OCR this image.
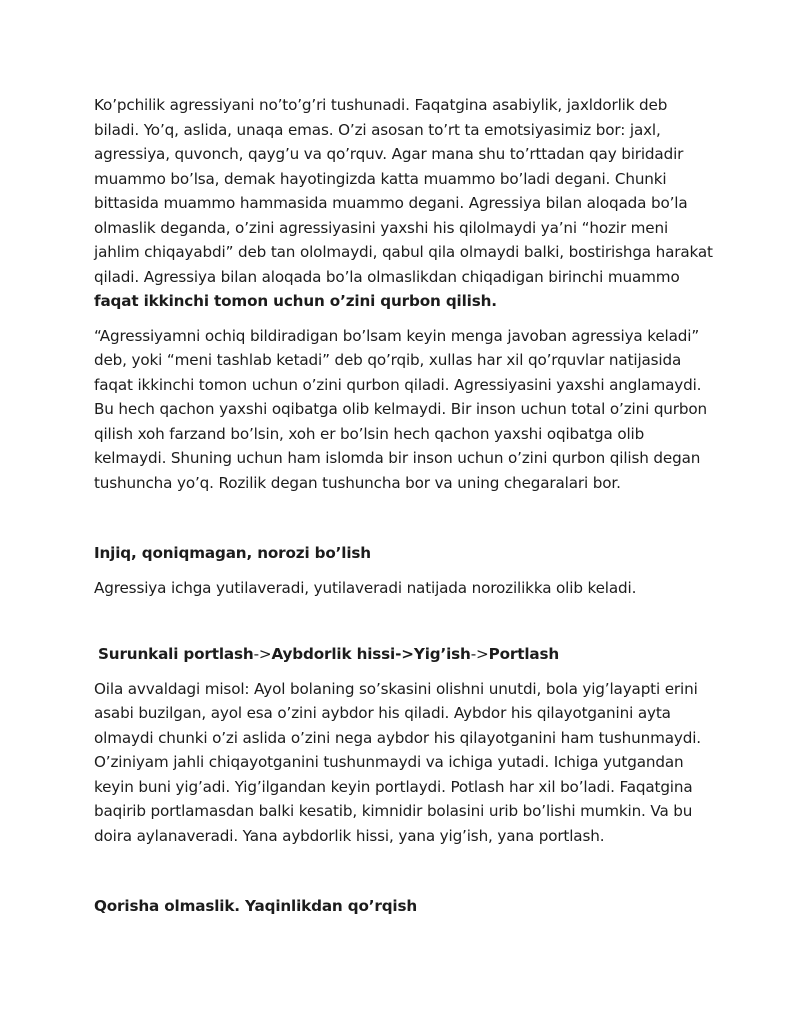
Ko’pchilik agressiyani no’to’g’ri tushunadi. Faqatgina asabiylik, jaxldorlik deb biladi. Yo’q, aslida, unaqa emas. O’zi asosan to’rt ta emotsiyasimiz bor: jaxl, agressiya, quvonch, qayg’u va qo’rquv. Agar mana shu to’rttadan qay biridadir muammo bo’lsa, demak hayotingizda katta muammo bo’ladi degani. Chunki bittasida muammo hammasida muammo degani. Agressiya bilan aloqada bo’la olmaslik deganda, o’zini agressiyasini yaxshi his qilolmaydi ya’ni “hozir meni jahlim chiqayabdi” deb tan ololmaydi, qabul qila olmaydi balki, bostirishga harakat qiladi. Agressiya bilan aloqada bo’la olmaslikdan chiqadigan birinchi muammo faqat ikkinchi tomon uchun o’zini qurbon qilish.

“Agressiyamni ochiq bildiradigan bo’lsam keyin menga javoban agressiya keladi” deb, yoki “meni tashlab ketadi” deb qo’rqib, xullas har xil qo’rquvlar natijasida faqat ikkinchi tomon uchun o’zini qurbon qiladi. Agressiyasini yaxshi anglamaydi. Bu hech qachon yaxshi oqibatga olib kelmaydi. Bir inson uchun total o’zini qurbon qilish xoh farzand bo’lsin, xoh er bo’lsin hech qachon yaxshi oqibatga olib kelmaydi. Shuning uchun ham islomda bir inson uchun o’zini qurbon qilish degan tushuncha yo’q. Rozilik degan tushuncha bor va uning chegaralari bor.

Injiq, qoniqmagan, norozi bo’lish

Agressiya ichga yutilaveradi, yutilaveradi natijada norozilikka olib keladi.

Surunkali portlash->Aybdorlik hissi->Yig’ish->Portlash

Oila avvaldagi misol: Ayol bolaning so’skasini olishni unutdi, bola yig’layapti erini asabi buzilgan, ayol esa o’zini aybdor his qiladi. Aybdor his qilayotganini ayta olmaydi chunki o’zi aslida o’zini nega aybdor his qilayotganini ham tushunmaydi. O’ziniyam jahli chiqayotganini tushunmaydi va ichiga yutadi. Ichiga yutgandan keyin buni yig’adi. Yig’ilgandan keyin portlaydi. Potlash har xil bo’ladi. Faqatgina baqirib portlamasdan balki kesatib, kimnidir bolasini urib bo’lishi mumkin. Va bu doira aylanaveradi. Yana aybdorlik hissi, yana yig’ish, yana portlash.

Qorisha olmaslik. Yaqinlikdan qo’rqish
